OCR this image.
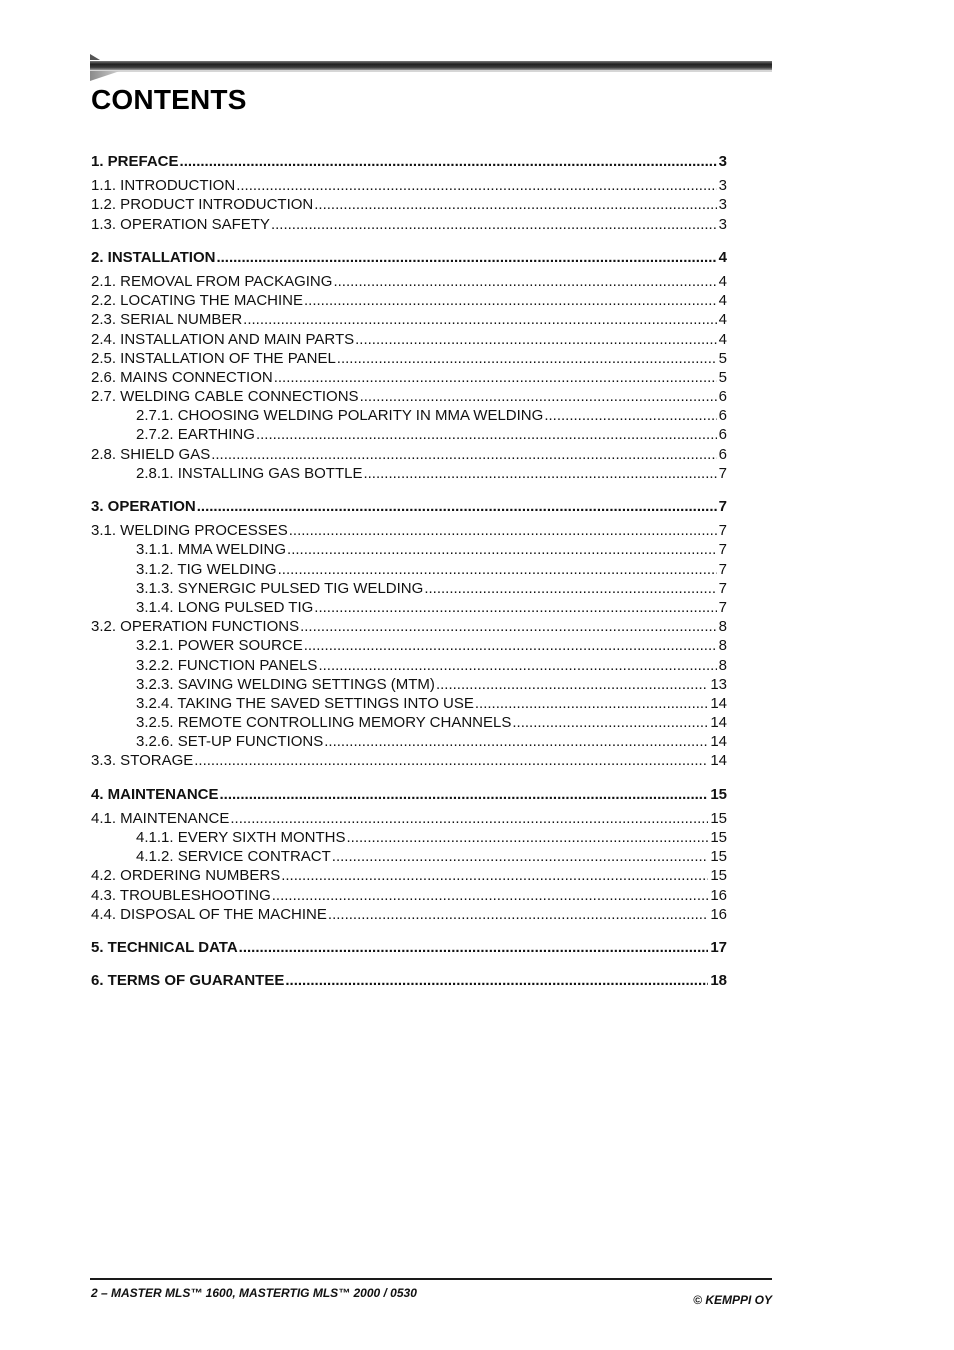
CONTENTS
1. PREFACE .....	3
1.1. INTRODUCTION .....	3
1.2. PRODUCT INTRODUCTION .....	3
1.3. OPERATION SAFETY .....	3
2. INSTALLATION .....	4
2.1. REMOVAL FROM PACKAGING .....	4
2.2. LOCATING THE MACHINE .....	4
2.3. SERIAL NUMBER .....	4
2.4. INSTALLATION AND MAIN PARTS .....	4
2.5. INSTALLATION OF THE PANEL .....	5
2.6. MAINS CONNECTION .....	5
2.7. WELDING CABLE CONNECTIONS .....	6
2.7.1. CHOOSING WELDING POLARITY IN MMA WELDING .....	6
2.7.2. EARTHING .....	6
2.8. SHIELD GAS .....	6
2.8.1. INSTALLING GAS BOTTLE .....	7
3. OPERATION .....	7
3.1. WELDING PROCESSES .....	7
3.1.1. MMA WELDING .....	7
3.1.2. TIG WELDING .....	7
3.1.3. SYNERGIC PULSED TIG WELDING .....	7
3.1.4. LONG PULSED TIG .....	7
3.2. OPERATION FUNCTIONS .....	8
3.2.1. POWER SOURCE .....	8
3.2.2. FUNCTION PANELS .....	8
3.2.3. SAVING WELDING SETTINGS (MTM) .....	13
3.2.4. TAKING THE SAVED SETTINGS INTO USE .....	14
3.2.5. REMOTE CONTROLLING MEMORY CHANNELS .....	14
3.2.6. SET-UP FUNCTIONS .....	14
3.3. STORAGE .....	14
4. MAINTENANCE .....	15
4.1. MAINTENANCE .....	15
4.1.1. EVERY SIXTH MONTHS .....	15
4.1.2. SERVICE CONTRACT .....	15
4.2. ORDERING NUMBERS .....	15
4.3. TROUBLESHOOTING .....	16
4.4. DISPOSAL OF THE MACHINE .....	16
5. TECHNICAL DATA .....	17
6. TERMS OF GUARANTEE .....	18
2 – MASTER MLS™ 1600, MASTERTIG MLS™ 2000 / 0530	© KEMPPI OY
